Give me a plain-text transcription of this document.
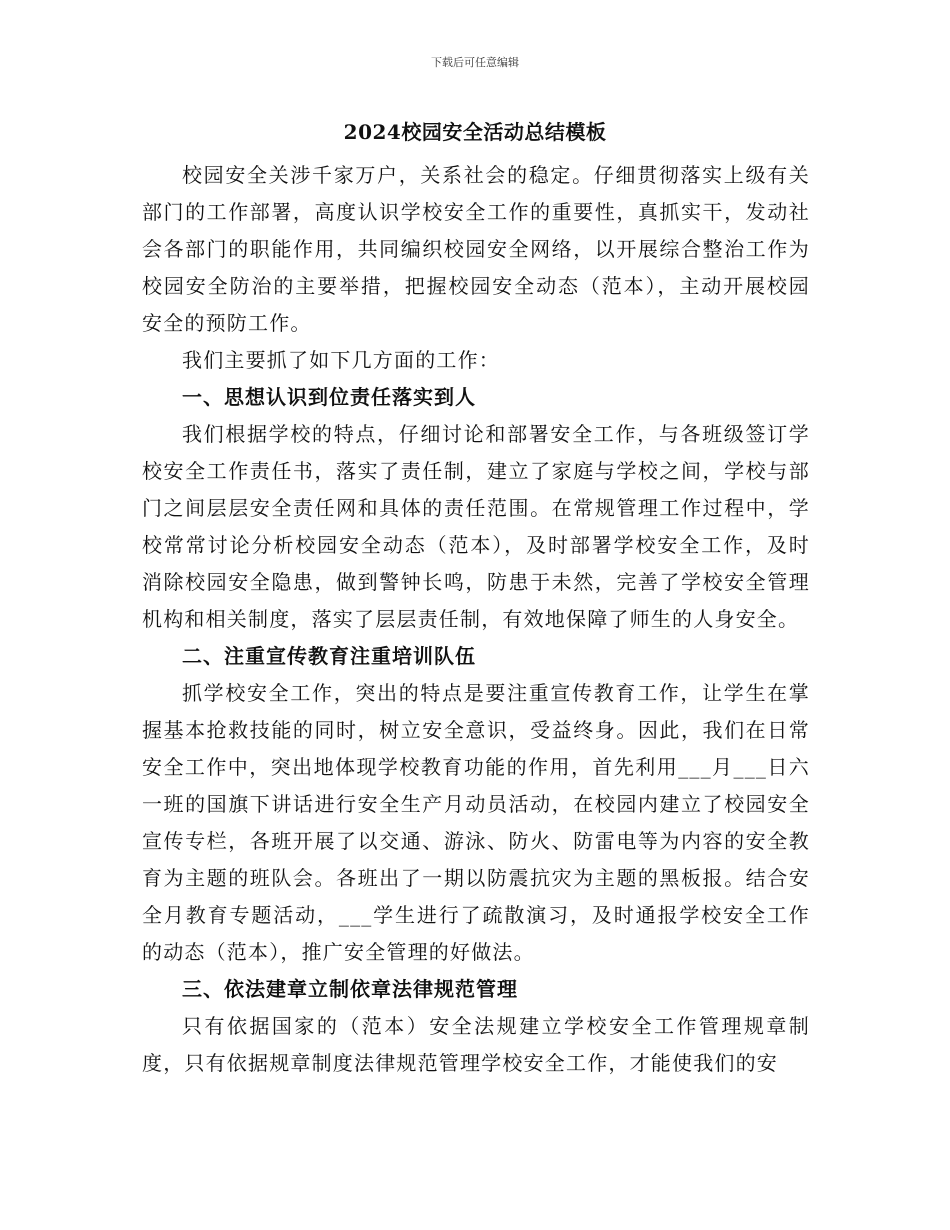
下载后可任意编辑
2024校园安全活动总结模板

校园安全关涉千家万户，关系社会的稳定。仔细贯彻落实上级有关部门的工作部署，高度认识学校安全工作的重要性，真抓实干，发动社会各部门的职能作用，共同编织校园安全网络，以开展综合整治工作为校园安全防治的主要举措，把握校园安全动态（范本），主动开展校园安全的预防工作。

我们主要抓了如下几方面的工作：

一、思想认识到位责任落实到人

我们根据学校的特点，仔细讨论和部署安全工作，与各班级签订学校安全工作责任书，落实了责任制，建立了家庭与学校之间，学校与部门之间层层安全责任网和具体的责任范围。在常规管理工作过程中，学校常常讨论分析校园安全动态（范本），及时部署学校安全工作，及时消除校园安全隐患，做到警钟长鸣，防患于未然，完善了学校安全管理机构和相关制度，落实了层层责任制，有效地保障了师生的人身安全。

二、注重宣传教育注重培训队伍

抓学校安全工作，突出的特点是要注重宣传教育工作，让学生在掌握基本抢救技能的同时，树立安全意识，受益终身。因此，我们在日常安全工作中，突出地体现学校教育功能的作用，首先利用___月___日六一班的国旗下讲话进行安全生产月动员活动，在校园内建立了校园安全宣传专栏，各班开展了以交通、游泳、防火、防雷电等为内容的安全教育为主题的班队会。各班出了一期以防震抗灾为主题的黑板报。结合安全月教育专题活动，___学生进行了疏散演习，及时通报学校安全工作的动态（范本），推广安全管理的好做法。

三、依法建章立制依章法律规范管理

只有依据国家的（范本）安全法规建立学校安全工作管理规章制度，只有依据规章制度法律规范管理学校安全工作，才能使我们的安
